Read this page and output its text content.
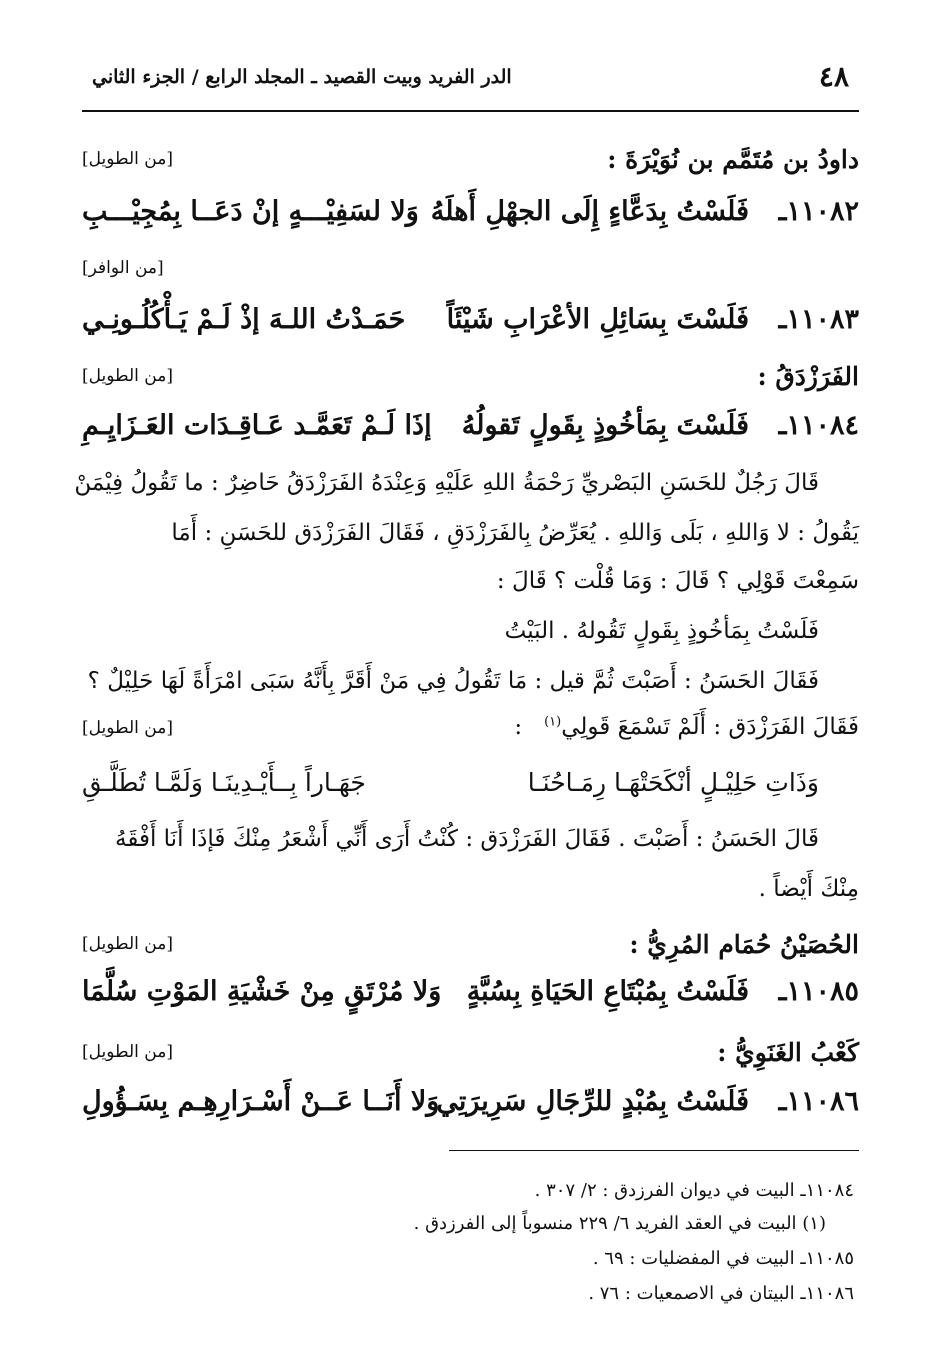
٤٨
الدر الفريد وبيت القصيد ـ المجلد الرابع / الجزء الثاني
داودُ بن مُتَمَّم بن نُوَيْرَةَ :
[من الطويل]
١١٠٨٢ـ
فَلَسْتُ بِدَعَّاءٍ إِلَى الجهْلِ أَهلَهُ
وَلا لسَفِيْـــهٍ إنْ دَعَــا بِمُجِيْـــبِ
[من الوافر]
١١٠٨٣ـ
فَلَسْتَ بِسَائِلِ الأعْرَابِ شَيْئَاً
حَمَـدْتُ اللـهَ إذْ لَـمْ يَـأْكُلُـونِـي
الفَرَزْدَقُ :
[من الطويل]
١١٠٨٤ـ
فَلَسْتَ بِمَأخُوذٍ بِقَولٍ تَقولُهُ
إذَا لَـمْ تَعَمَّـد عَـاقِـدَات العَـزَايِـمِ
قَالَ رَجُلٌ للحَسَنِ البَصْريِّ رَحْمَةُ اللهِ عَلَيْهِ وَعِنْدَهُ الفَرَزْدَقُ حَاضِرٌ : ما تَقُولُ فِيْمَنْ
يَقُولُ : لا وَاللهِ ، بَلَى وَاللهِ . يُعَرِّضُ بِالفَرَزْدَقِ ، فَقَالَ الفَرَزْدَق للحَسَنِ : أَمَا
سَمِعْتَ قَوْلِي ؟ قَالَ : وَمَا قُلْت ؟ قَالَ :
فَلَسْتُ بِمَأخُوذٍ بِقَولٍ تَقُولهُ . البَيْتُ
فَقَالَ الحَسَنُ : أَصَبْتَ ثُمَّ قيل : مَا تَقُولُ فِي مَنْ أَقَرَّ بِأَنَّهُ سَبَى امْرَأَةً لَهَا حَلِيْلٌ ؟
فَقَالَ الفَرَزْدَق : أَلَمْ تَسْمَعَ قَولِي$^{(١)}$   :
[من الطويل]
وَذَاتِ حَلِيْـلٍ أنْكَحَتْهَـا رِمَـاحُنَـا
جَهَـاراً بِــأَيْـدِينَـا وَلَمَّـا تُطَلَّـقِ
قَالَ الحَسَنُ : أَصَبْتَ . فَقَالَ الفَرَزْدَق : كُنْتُ أَرَى أَنِّي أَشْعَرُ مِنْكَ فَإذَا أَنَا أَفْقَهُ
مِنْكَ أَيْضاً .
الحُصَيْنُ حُمَام المُرِيُّ :
[من الطويل]
١١٠٨٥ـ
فَلَسْتُ بِمُبْتَاعِ الحَيَاةِ بِسُبَّةٍ
وَلا مُرْتَقٍ مِنْ خَشْيَةِ المَوْتِ سُلَّمَا
كَعْبُ الغَنَوِيُّ :
[من الطويل]
١١٠٨٦ـ
فَلَسْتُ بِمُبْدٍ للرِّجَالِ سَرِيرَتِي
وَلا أَنَــا عَــنْ أَسْـرَارِهِـم بِسَـؤُولِ
١١٠٨٤ـ البيت في ديوان الفرزدق : ٢/ ٣٠٧ .
(١) البيت في العقد الفريد ٦/ ٢٢٩ منسوباً إلى الفرزدق .
١١٠٨٥ـ البيت في المفضليات : ٦٩ .
١١٠٨٦ـ البيتان في الاصمعيات : ٧٦ .
